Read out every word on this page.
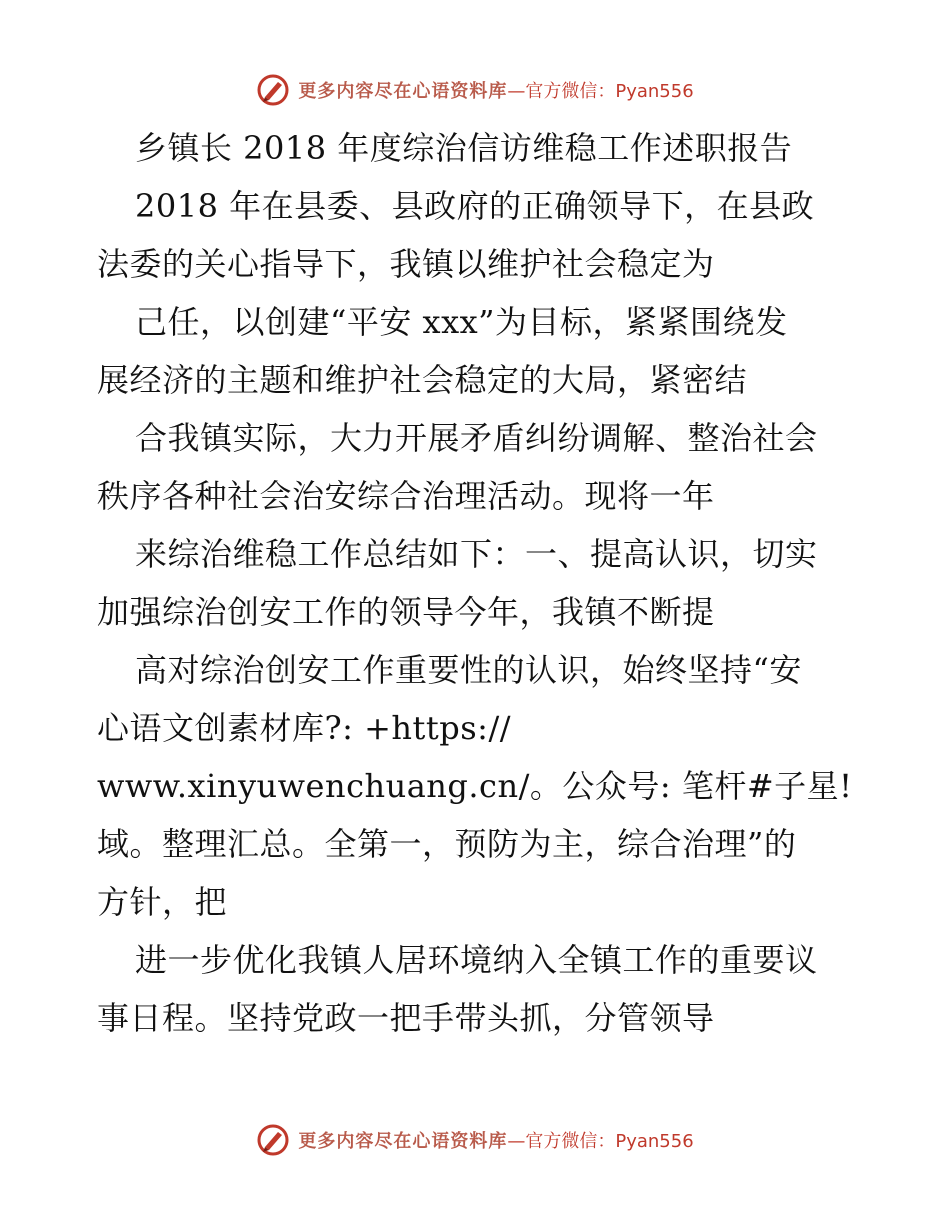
更多内容尽在心语资料库—官方微信：Pyan556
乡镇长 2018 年度综治信访维稳工作述职报告
2018 年在县委、县政府的正确领导下，在县政
法委的关心指导下，我镇以维护社会稳定为
己任，以创建“平安 xxx”为目标，紧紧围绕发
展经济的主题和维护社会稳定的大局，紧密结
合我镇实际，大力开展矛盾纠纷调解、整治社会
秩序各种社会治安综合治理活动。现将一年
来综治维稳工作总结如下：一、提高认识，切实
加强综治创安工作的领导今年，我镇不断提
高对综治创安工作重要性的认识，始终坚持“安
心语文创素材库?: +https://
www.xinyuwenchuang.cn/。公众号: 笔杆#子星!
域。整理汇总。全第一，预防为主，综合治理”的
方针，把
进一步优化我镇人居环境纳入全镇工作的重要议
事日程。坚持党政一把手带头抓，分管领导
更多内容尽在心语资料库—官方微信：Pyan556
